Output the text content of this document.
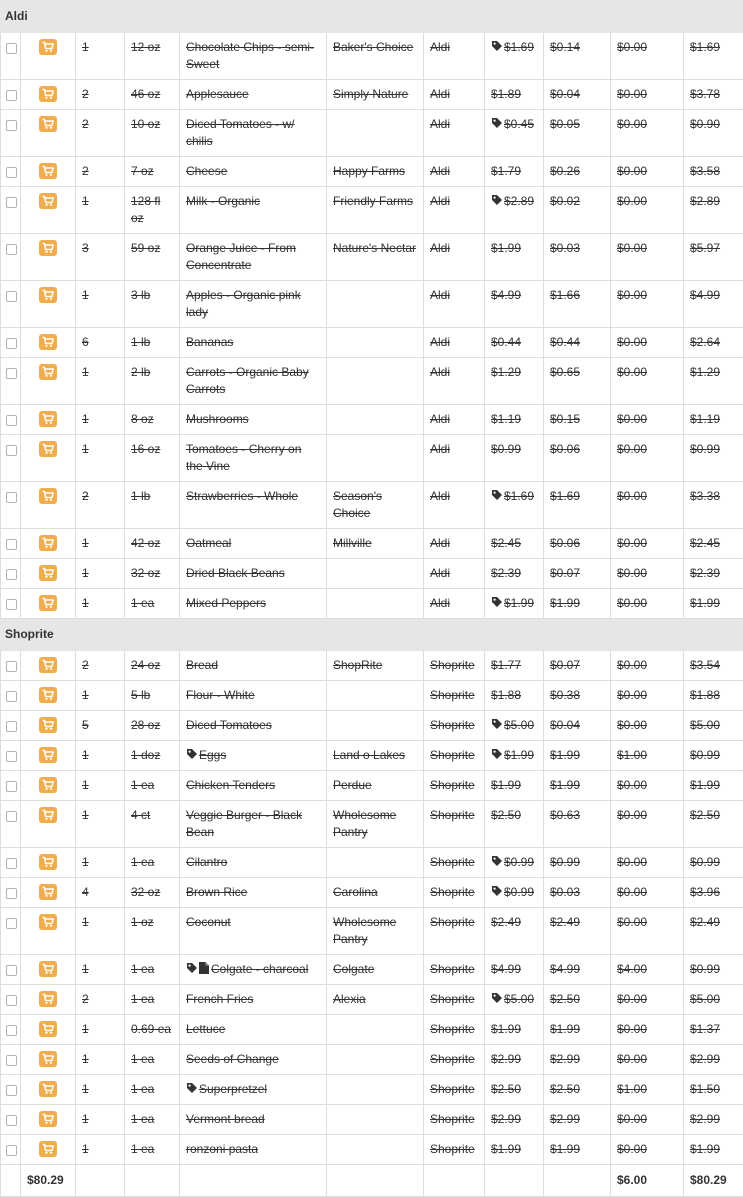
Aldi										

	1	12 oz	Chocolate Chips - semi-Sweet	Baker's Choice	Aldi	$1.69	$0.14	$0.00	$1.69

	2	46 oz	Applesauce	Simply Nature	Aldi	$1.89	$0.04	$0.00	$3.78

	2	10 oz	Diced Tomatoes - w/ chilis		Aldi	$0.45	$0.05	$0.00	$0.90

	2	7 oz	Cheese	Happy Farms	Aldi	$1.79	$0.26	$0.00	$3.58

	1	128 fl oz	Milk - Organic	Friendly Farms	Aldi	$2.89	$0.02	$0.00	$2.89

	3	59 oz	Orange Juice - From Concentrate	Nature's Nectar	Aldi	$1.99	$0.03	$0.00	$5.97

	1	3 lb	Apples - Organic pink lady		Aldi	$4.99	$1.66	$0.00	$4.99

	6	1 lb	Bananas		Aldi	$0.44	$0.44	$0.00	$2.64

	1	2 lb	Carrots - Organic Baby Carrots		Aldi	$1.29	$0.65	$0.00	$1.29

	1	8 oz	Mushrooms		Aldi	$1.19	$0.15	$0.00	$1.19

	1	16 oz	Tomatoes - Cherry on the Vine		Aldi	$0.99	$0.06	$0.00	$0.99

	2	1 lb	Strawberries - Whole	Season's Choice	Aldi	$1.69	$1.69	$0.00	$3.38

	1	42 oz	Oatmeal	Millville	Aldi	$2.45	$0.06	$0.00	$2.45

	1	32 oz	Dried Black Beans		Aldi	$2.39	$0.07	$0.00	$2.39

	1	1 ea	Mixed Peppers		Aldi	$1.99	$1.99	$0.00	$1.99
Shoprite										

	2	24 oz	Bread	ShopRite	Shoprite	$1.77	$0.07	$0.00	$3.54

	1	5 lb	Flour - White		Shoprite	$1.88	$0.38	$0.00	$1.88

	5	28 oz	Diced Tomatoes		Shoprite	$5.00	$0.04	$0.00	$5.00

	1	1 doz	Eggs	Land o Lakes	Shoprite	$1.99	$1.99	$1.00	$0.99

	1	1 ea	Chicken Tenders	Perdue	Shoprite	$1.99	$1.99	$0.00	$1.99

	1	4 ct	Veggie Burger - Black Bean	Wholesome Pantry	Shoprite	$2.50	$0.63	$0.00	$2.50

	1	1 ea	Cilantro		Shoprite	$0.99	$0.99	$0.00	$0.99

	4	32 oz	Brown Rice	Carolina	Shoprite	$0.99	$0.03	$0.00	$3.96

	1	1 oz	Coconut	Wholesome Pantry	Shoprite	$2.49	$2.49	$0.00	$2.49

	1	1 ea	Colgate - charcoal	Colgate	Shoprite	$4.99	$4.99	$4.00	$0.99

	2	1 ea	French Fries	Alexia	Shoprite	$5.00	$2.50	$0.00	$5.00

	1	0.69 ea	Lettuce		Shoprite	$1.99	$1.99	$0.00	$1.37

	1	1 ea	Seeds of Change		Shoprite	$2.99	$2.99	$0.00	$2.99

	1	1 ea	Superpretzel		Shoprite	$2.50	$2.50	$1.00	$1.50

	1	1 ea	Vermont bread		Shoprite	$2.99	$2.99	$0.00	$2.99

	1	1 ea	ronzoni pasta		Shoprite	$1.99	$1.99	$0.00	$1.99
	$80.29								$6.00	$80.29
